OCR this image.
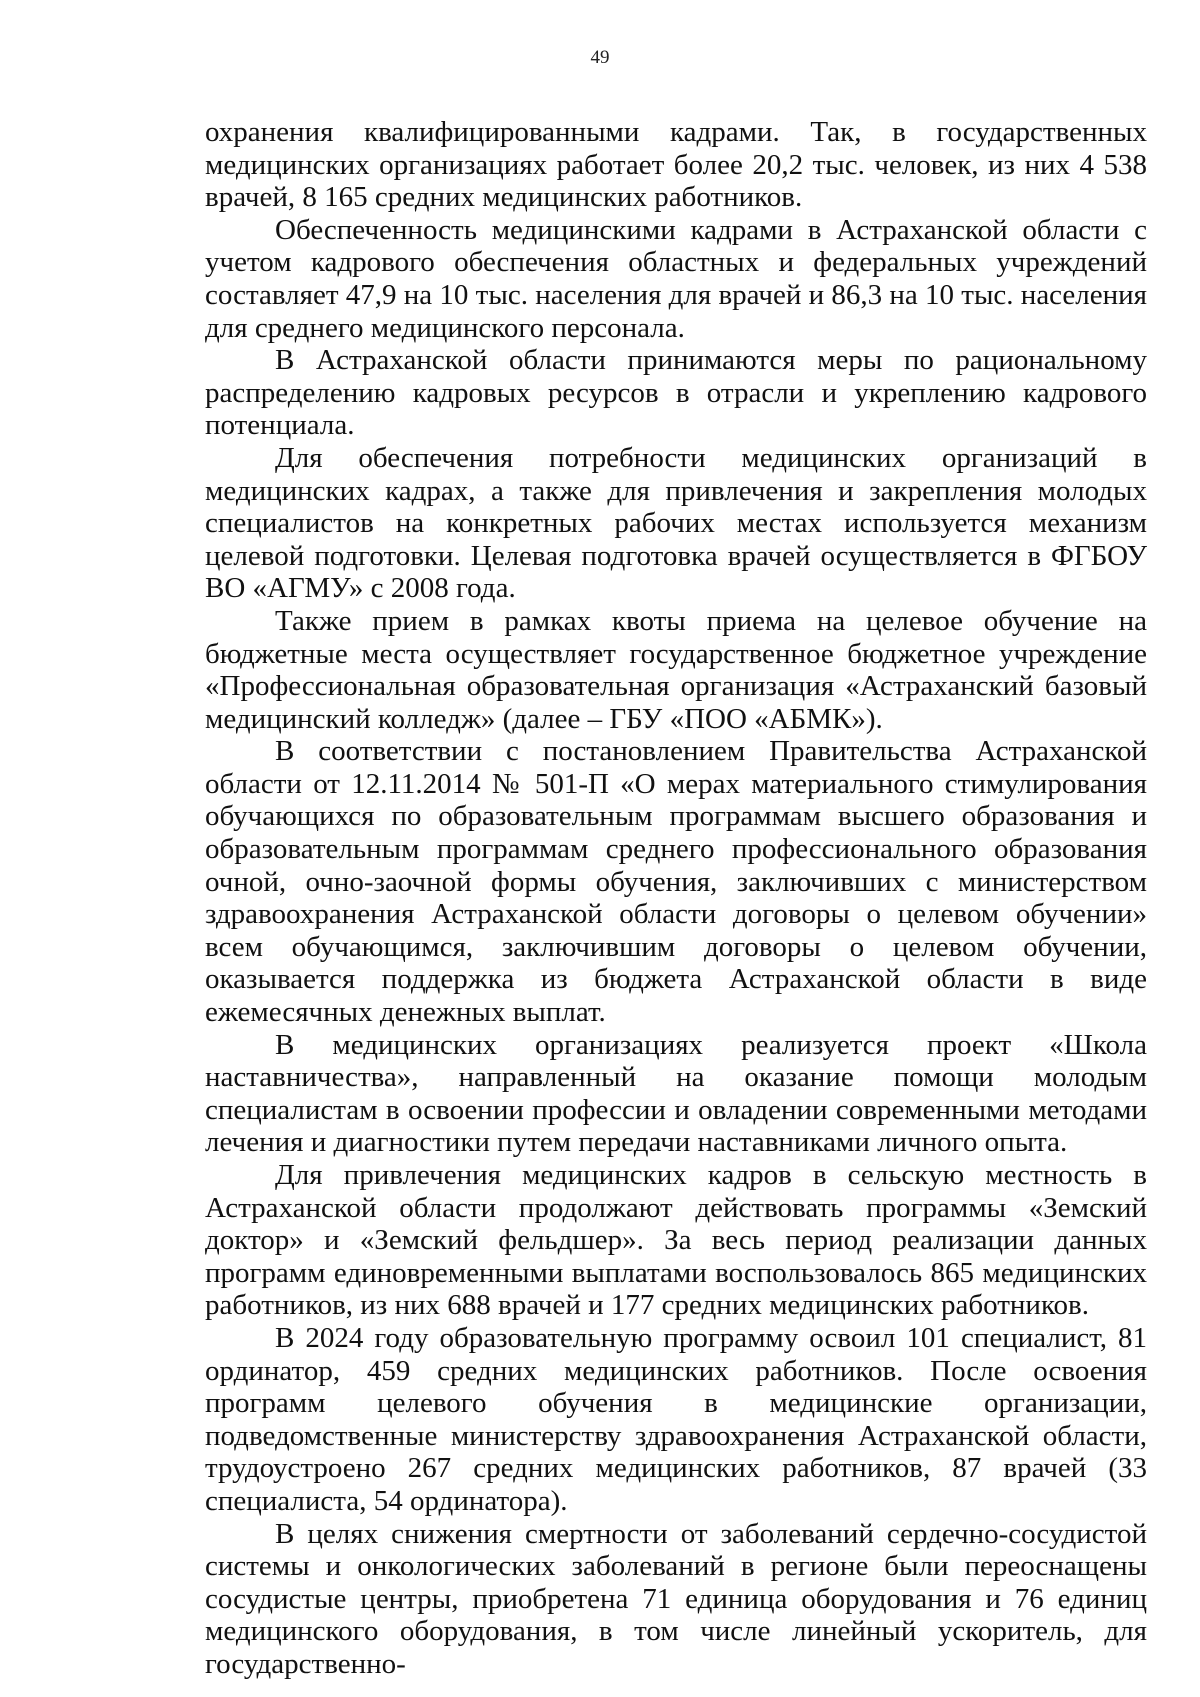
49

охранения квалифицированными кадрами. Так, в государственных медицинских организациях работает более 20,2 тыс. человек, из них 4 538 врачей, 8 165 средних медицинских работников.

Обеспеченность медицинскими кадрами в Астраханской области с учетом кадрового обеспечения областных и федеральных учреждений составляет 47,9 на 10 тыс. населения для врачей и 86,3 на 10 тыс. населения для среднего медицинского персонала.

В Астраханской области принимаются меры по рациональному распределению кадровых ресурсов в отрасли и укреплению кадрового потенциала.

Для обеспечения потребности медицинских организаций в медицинских кадрах, а также для привлечения и закрепления молодых специалистов на конкретных рабочих местах используется механизм целевой подготовки. Целевая подготовка врачей осуществляется в ФГБОУ ВО «АГМУ» с 2008 года.

Также прием в рамках квоты приема на целевое обучение на бюджетные места осуществляет государственное бюджетное учреждение «Профессиональная образовательная организация «Астраханский базовый медицинский колледж» (далее – ГБУ «ПОО «АБМК»).

В соответствии с постановлением Правительства Астраханской области от 12.11.2014 № 501-П «О мерах материального стимулирования обучающихся по образовательным программам высшего образования и образовательным программам среднего профессионального образования очной, очно-заочной формы обучения, заключивших с министерством здравоохранения Астраханской области договоры о целевом обучении» всем обучающимся, заключившим договоры о целевом обучении, оказывается поддержка из бюджета Астраханской области в виде ежемесячных денежных выплат.

В медицинских организациях реализуется проект «Школа наставничества», направленный на оказание помощи молодым специалистам в освоении профессии и овладении современными методами лечения и диагностики путем передачи наставниками личного опыта.

Для привлечения медицинских кадров в сельскую местность в Астраханской области продолжают действовать программы «Земский доктор» и «Земский фельдшер». За весь период реализации данных программ единовременными выплатами воспользовалось 865 медицинских работников, из них 688 врачей и 177 средних медицинских работников.

В 2024 году образовательную программу освоил 101 специалист, 81 ординатор, 459 средних медицинских работников. После освоения программ целевого обучения в медицинские организации, подведомственные министерству здравоохранения Астраханской области, трудоустроено 267 средних медицинских работников, 87 врачей (33 специалиста, 54 ординатора).

В целях снижения смертности от заболеваний сердечно-сосудистой системы и онкологических заболеваний в регионе были переоснащены сосудистые центры, приобретена 71 единица оборудования и 76 единиц медицинского оборудования, в том числе линейный ускоритель, для государственно-
